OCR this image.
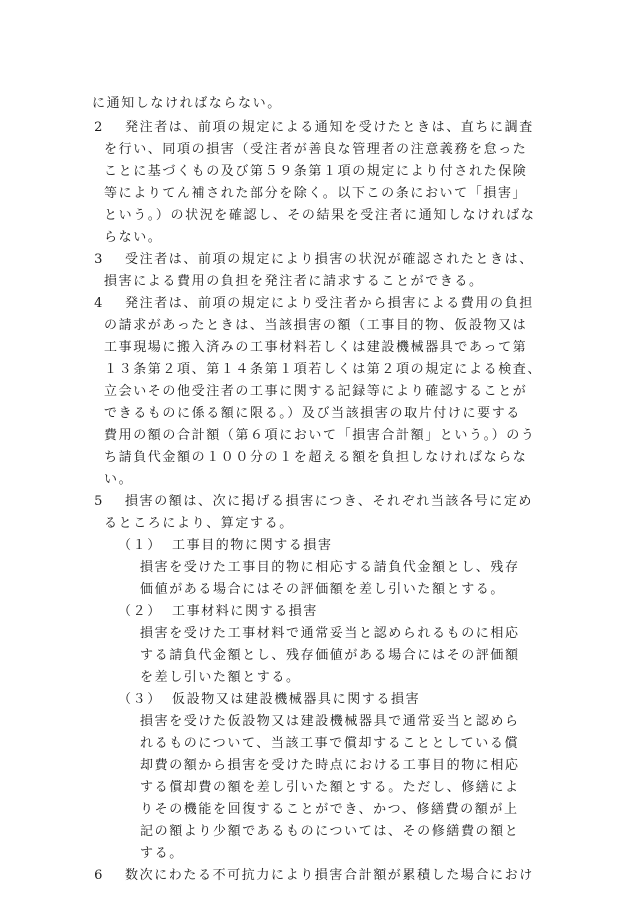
に通知しなければならない。
2 発注者は、前項の規定による通知を受けたときは、直ちに調査
を行い、同項の損害（受注者が善良な管理者の注意義務を怠った
ことに基づくもの及び第５９条第１項の規定により付された保険
等によりてん補された部分を除く。以下この条において「損害」
という。）の状況を確認し、その結果を受注者に通知しなければな
らない。
3 受注者は、前項の規定により損害の状況が確認されたときは、
損害による費用の負担を発注者に請求することができる。
4 発注者は、前項の規定により受注者から損害による費用の負担
の請求があったときは、当該損害の額（工事目的物、仮設物又は
工事現場に搬入済みの工事材料若しくは建設機械器具であって第
１３条第２項、第１４条第１項若しくは第２項の規定による検査、
立会いその他受注者の工事に関する記録等により確認することが
できるものに係る額に限る。）及び当該損害の取片付けに要する
費用の額の合計額（第６項において「損害合計額」という。）のう
ち請負代金額の１００分の１を超える額を負担しなければならな
い。
5 損害の額は、次に掲げる損害につき、それぞれ当該各号に定め
るところにより、算定する。
（１） 工事目的物に関する損害
損害を受けた工事目的物に相応する請負代金額とし、残存
価値がある場合にはその評価額を差し引いた額とする。
（２） 工事材料に関する損害
損害を受けた工事材料で通常妥当と認められるものに相応
する請負代金額とし、残存価値がある場合にはその評価額
を差し引いた額とする。
（３） 仮設物又は建設機械器具に関する損害
損害を受けた仮設物又は建設機械器具で通常妥当と認めら
れるものについて、当該工事で償却することとしている償
却費の額から損害を受けた時点における工事目的物に相応
する償却費の額を差し引いた額とする。ただし、修繕によ
りその機能を回復することができ、かつ、修繕費の額が上
記の額より少額であるものについては、その修繕費の額と
する。
6 数次にわたる不可抗力により損害合計額が累積した場合におけ
